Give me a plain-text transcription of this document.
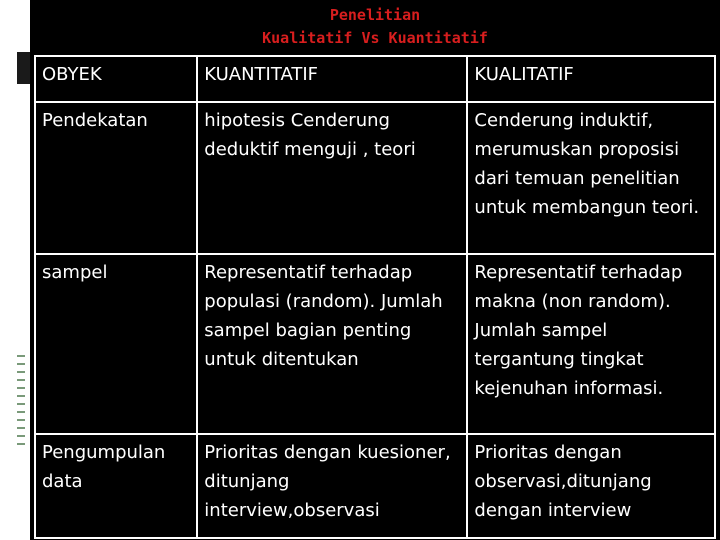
Penelitian
Kualitatif Vs Kuantitatif
OBYEK	KUANTITATIF	KUALITATIF
Pendekatan	hipotesis Cenderung deduktif menguji , teori	Cenderung induktif, merumuskan proposisi dari temuan penelitian untuk membangun teori.
sampel	Representatif terhadap populasi (random). Jumlah sampel bagian penting untuk ditentukan	Representatif terhadap makna (non random). Jumlah sampel tergantung tingkat kejenuhan informasi.
Pengumpulan data	Prioritas dengan kuesioner, ditunjang interview,observasi	Prioritas dengan observasi,ditunjang dengan interview
